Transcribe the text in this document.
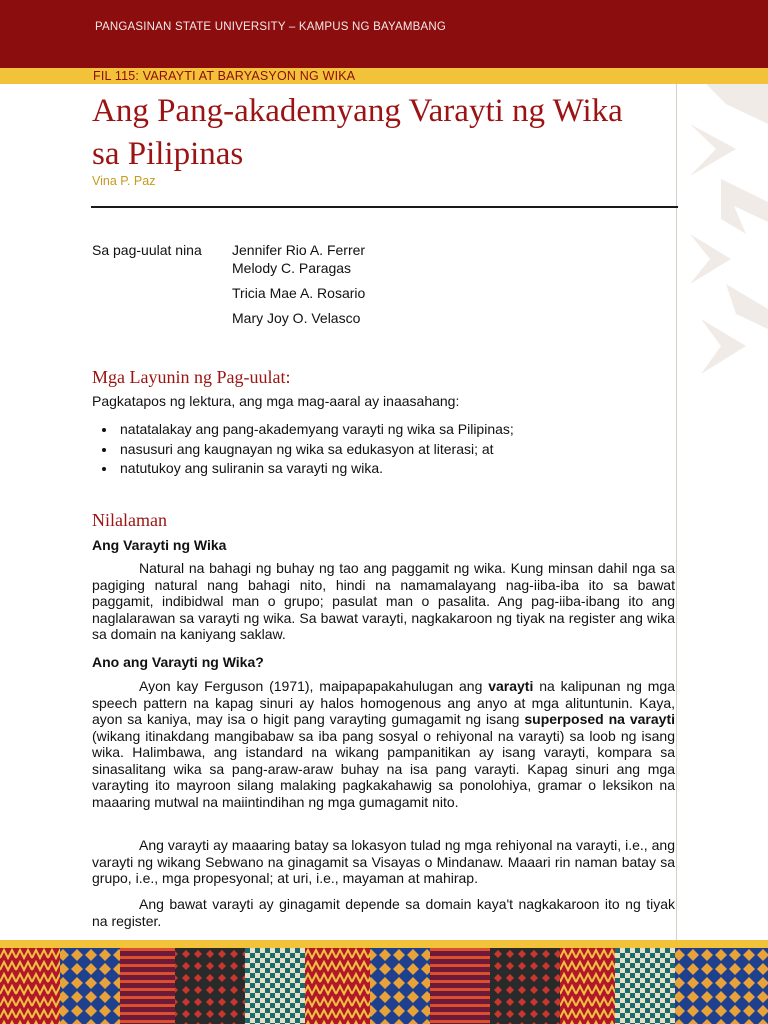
PANGASINAN STATE UNIVERSITY – KAMPUS NG BAYAMBANG
FIL 115: VARAYTI AT BARYASYON NG WIKA
Ang Pang-akademyang Varayti ng Wika sa Pilipinas
Vina P. Paz
Sa pag-uulat nina Jennifer Rio A. Ferrer
Melody C. Paragas
Tricia Mae A. Rosario
Mary Joy O. Velasco
Mga Layunin ng Pag-uulat:

Pagkatapos ng lektura, ang mga mag-aaral ay inaasahang:

• natatalakay ang pang-akademyang varayti ng wika sa Pilipinas;
• nasusuri ang kaugnayan ng wika sa edukasyon at literasi; at
• natutukoy ang suliranin sa varayti ng wika.
Nilalaman
Ang Varayti ng Wika

Natural na bahagi ng buhay ng tao ang paggamit ng wika. Kung minsan dahil nga sa pagiging natural nang bahagi nito, hindi na namamalayang nag-iiba-iba ito sa bawat paggamit, indibidwal man o grupo; pasulat man o pasalita. Ang pag-iiba-ibang ito ang naglalarawan sa varayti ng wika. Sa bawat varayti, nagkakaroon ng tiyak na register ang wika sa domain na kaniyang saklaw.

Ano ang Varayti ng Wika?

Ayon kay Ferguson (1971), maipapapakahulugan ang varayti na kalipunan ng mga speech pattern na kapag sinuri ay halos homogenous ang anyo at mga alituntunin. Kaya, ayon sa kaniya, may isa o higit pang varayting gumagamit ng isang superposed na varayti (wikang itinakdang mangibabaw sa iba pang sosyal o rehiyonal na varayti) sa loob ng isang wika. Halimbawa, ang istandard na wikang pampanitikan ay isang varayti, kompara sa sinasalitang wika sa pang-araw-araw buhay na isa pang varayti. Kapag sinuri ang mga varayting ito mayroon silang malaking pagkakahawig sa ponolohiya, gramar o leksikon na maaaring mutwal na maiintindihan ng mga gumagamit nito.

Ang varayti ay maaaring batay sa lokasyon tulad ng mga rehiyonal na varayti, i.e., ang varayti ng wikang Sebwano na ginagamit sa Visayas o Mindanaw. Maaari rin naman batay sa grupo, i.e., mga propesyonal; at uri, i.e., mayaman at mahirap.

Ang bawat varayti ay ginagamit depende sa domain kaya't nagkakaroon ito ng tiyak na register.
